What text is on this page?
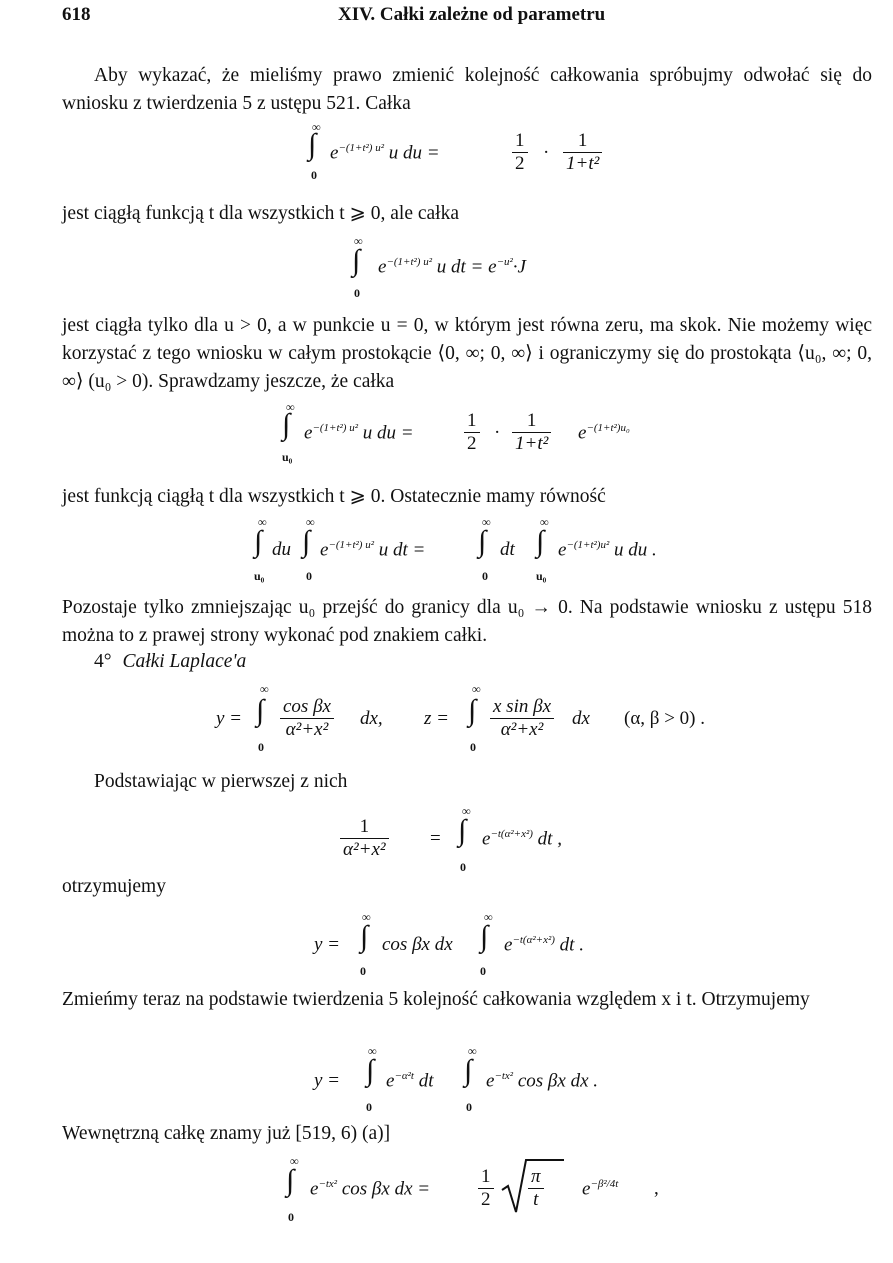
618	XIV. Całki zależne od parametru
Aby wykazać, że mieliśmy prawo zmienić kolejność całkowania spróbujmy odwołać się do wniosku z twierdzenia 5 z ustępu 521. Całka
∞
∫
0
$e^{-(1+t^2) u^2}$ u du =	$\frac{1}{2} \cdot \frac{1}{\text{1+t²}}$
jest ciągłą funkcją t dla wszystkich t ⩾ 0, ale całka
∞
∫
0
$e^{-(1+t^2) u^2}$ u dt = $e^{-u^2}\cdot J$
jest ciągła tylko dla u > 0, a w punkcie u = 0, w którym jest równa zeru, ma skok. Nie możemy więc korzystać z tego wniosku w całym prostokącie ⟨0, ∞; 0, ∞⟩ i ograniczymy się do prostokąta ⟨u₀, ∞; 0, ∞⟩ (u₀ > 0). Sprawdzamy jeszcze, że całka
∞
∫
u₀
$e^{-(1+t^2) u^2}$ u du =	$\frac{1}{2} \cdot \frac{1}{\text{1+t²}} e^{-(1+t^2)u_0}$
jest funkcją ciągłą t dla wszystkich t ⩾ 0. Ostatecznie mamy równość
∞
∫
u₀
du
∞
∫
0
$e^{-(1+t^2) u^2}$ u dt =
∞
∫
0
dt
∞
∫
u₀
$e^{-(1+t^2)u^2}$ u du .
Pozostaje tylko zmniejszając u₀ przejść do granicy dla u₀ → 0. Na podstawie wniosku z ustępu 518 można to z prawej strony wykonać pod znakiem całki.
4° Całki Laplace'a
y =
∞
∫
0
$\frac{\text{cos βx}}{\text{α²+x²}}$ dx, z =
∞
∫
0
$\frac{\text{x sin βx}}{\text{α²+x²}}$ dx (α, β > 0) .
Podstawiając w pierwszej z nich
$\frac{1}{\text{α²+x²}}$ =
∞
∫
0
$e^{-t(\alpha^2+x^2)}$ dt ,
otrzymujemy
y =
∞
∫
0
cos βx dx
∞
∫
0
$e^{-t(\alpha^2+x^2)}$ dt .
Zmieńmy teraz na podstawie twierdzenia 5 kolejność całkowania względem x i t. Otrzymujemy
y =
∞
∫
0
$e^{-\alpha^2t}$ dt
∞
∫
0
$e^{-tx^2}$ cos βx dx .
Wewnętrzną całkę znamy już [519, 6) (a)]
∞
∫
0
$e^{-tx^2}$ cos βx dx =	$\frac{1}{2} \frac{\pi}{t} e^{-\beta^2/4t}$ ,
